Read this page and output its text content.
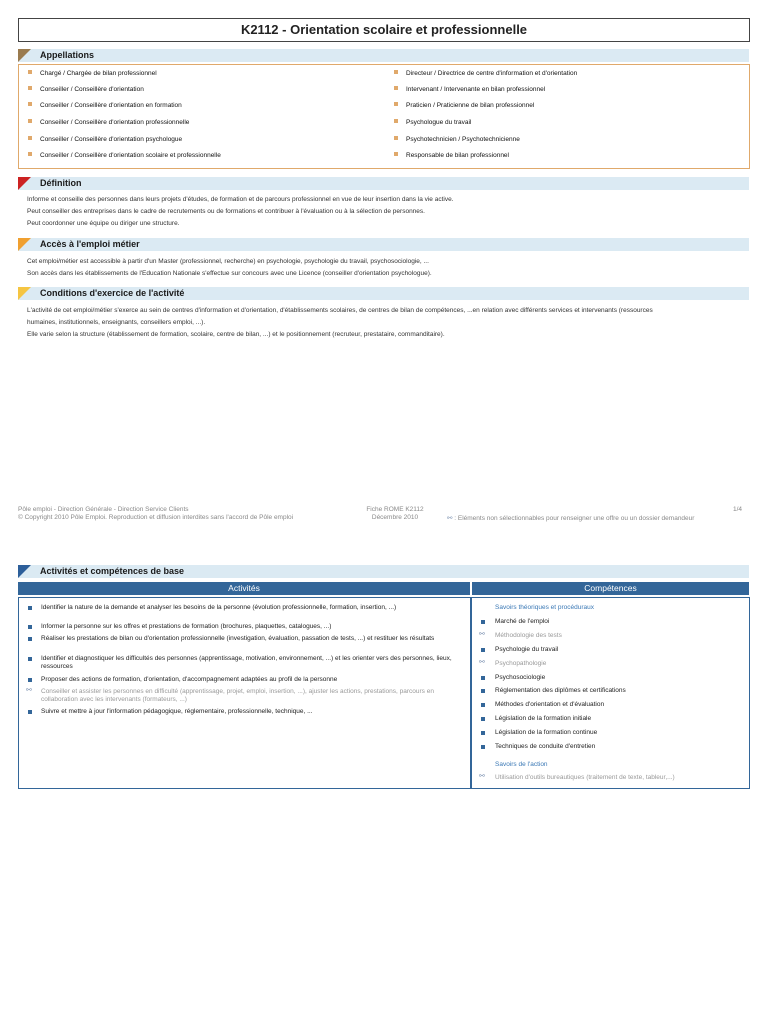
K2112 - Orientation scolaire et professionnelle
Appellations
Chargé / Chargée de bilan professionnel
Conseiller / Conseillère d'orientation
Conseiller / Conseillère d'orientation en formation
Conseiller / Conseillère d'orientation professionnelle
Conseiller / Conseillère d'orientation psychologue
Conseiller / Conseillère d'orientation scolaire et professionnelle
Directeur / Directrice de centre d'information et d'orientation
Intervenant / Intervenante en bilan professionnel
Praticien / Praticienne de bilan professionnel
Psychologue du travail
Psychotechnicien / Psychotechnicienne
Responsable de bilan professionnel
Définition
Informe et conseille des personnes dans leurs projets d'études, de formation et de parcours professionnel en vue de leur insertion dans la vie active.
Peut conseiller des entreprises dans le cadre de recrutements ou de formations et contribuer à l'évaluation ou à la sélection de personnes.
Peut coordonner une équipe ou diriger une structure.
Accès à l'emploi métier
Cet emploi/métier est accessible à partir d'un Master (professionnel, recherche) en psychologie, psychologie du travail, psychosociologie, ...
Son accès dans les établissements de l'Education Nationale s'effectue sur concours avec une Licence (conseiller d'orientation psychologue).
Conditions d'exercice de l'activité
L'activité de cet emploi/métier s'exerce au sein de centres d'information et d'orientation, d'établissements scolaires, de centres de bilan de compétences, ...en relation avec différents services et intervenants (ressources
humaines, institutionnels, enseignants, conseillers emploi, ...).
Elle varie selon la structure (établissement de formation, scolaire, centre de bilan, ...) et le positionnement (recruteur, prestataire, commanditaire).
Pôle emploi - Direction Générale - Direction Service Clients
© Copyright 2010 Pôle Emploi. Reproduction et diffusion interdites sans l'accord de Pôle emploi
Fiche ROME K2112
Décembre 2010	⚯ : Eléments non sélectionnables pour renseigner une offre ou un dossier demandeur
1/4
Activités et compétences de base
Activités	Compétences
Identifier la nature de la demande et analyser les besoins de la personne (évolution professionnelle, formation, insertion, ...)
Informer la personne sur les offres et prestations de formation (brochures, plaquettes, catalogues, ...)
Réaliser les prestations de bilan ou d'orientation professionnelle (investigation, évaluation, passation de tests, ...) et restituer les résultats
Identifier et diagnostiquer les difficultés des personnes (apprentissage, motivation, environnement, ...) et les orienter vers des personnes, lieux, ressources
Proposer des actions de formation, d'orientation, d'accompagnement adaptées au profil de la personne
⚯ Conseiller et assister les personnes en difficulté (apprentissage, projet, emploi, insertion, ...), ajuster les actions, prestations, parcours en collaboration avec les intervenants (formateurs, ...)
Suivre et mettre à jour l'information pédagogique, réglementaire, professionnelle, technique, ...
Savoirs théoriques et procéduraux
Marché de l'emploi
⚯ Méthodologie des tests
Psychologie du travail
⚯ Psychopathologie
Psychosociologie
Réglementation des diplômes et certifications
Méthodes d'orientation et d'évaluation
Législation de la formation initiale
Législation de la formation continue
Techniques de conduite d'entretien
Savoirs de l'action
⚯ Utilisation d'outils bureautiques (traitement de texte, tableur,...)
